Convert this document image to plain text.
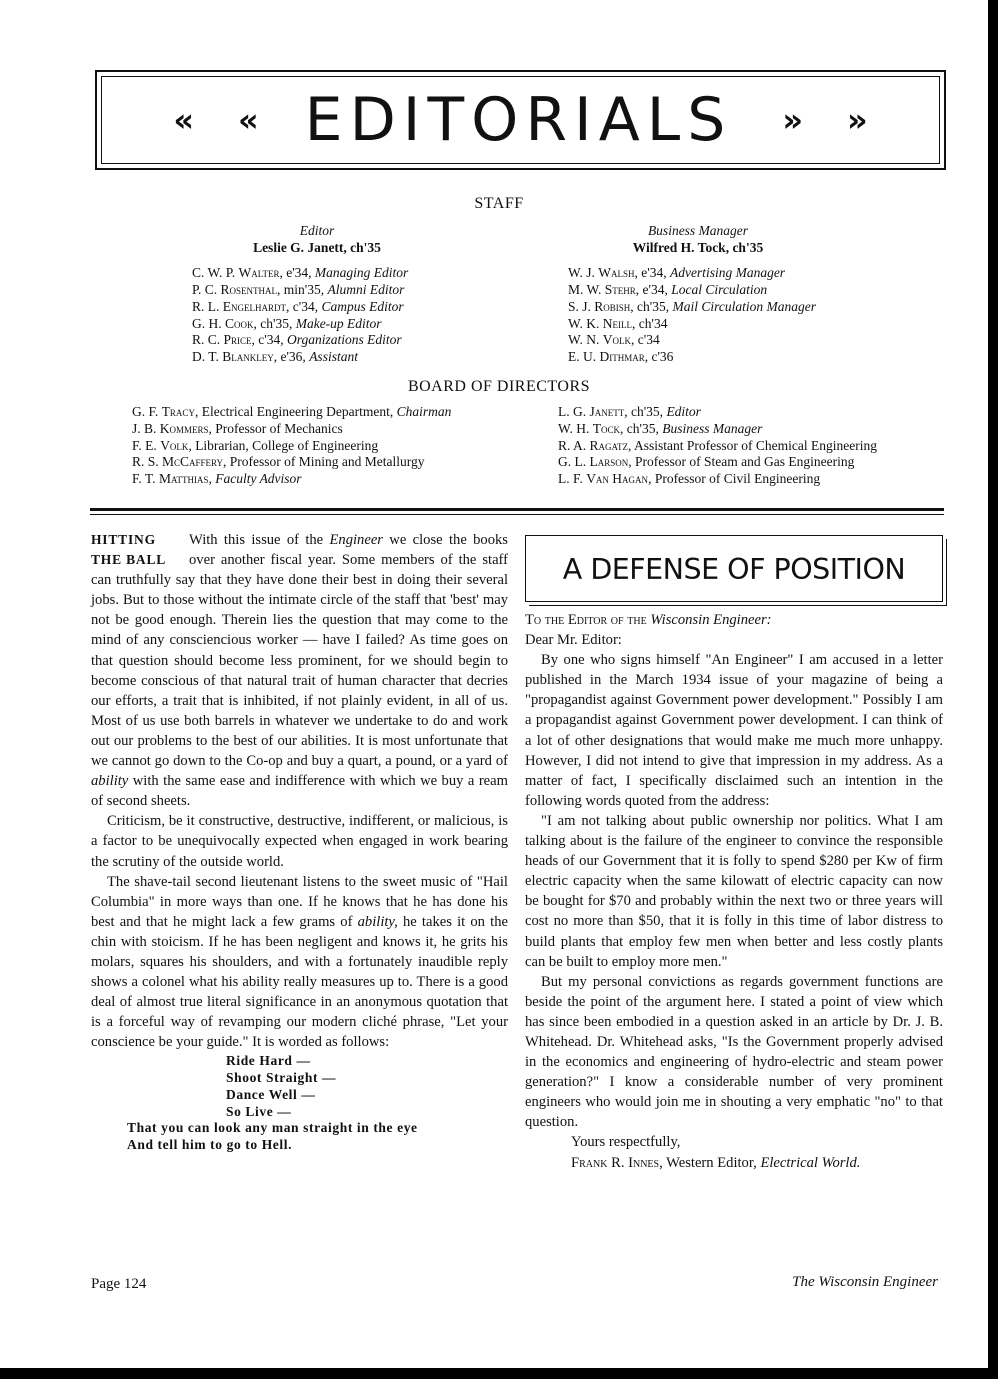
« « EDITORIALS » »
STAFF
Editor
Leslie G. Janett, ch'35
C. W. P. Walter, e'34, Managing Editor
P. C. Rosenthal, min'35, Alumni Editor
R. L. Engelhardt, c'34, Campus Editor
G. H. Cook, ch'35, Make-up Editor
R. C. Price, c'34, Organizations Editor
D. T. Blankley, e'36, Assistant
Business Manager
Wilfred H. Tock, ch'35
W. J. Walsh, e'34, Advertising Manager
M. W. Stehr, e'34, Local Circulation
S. J. Robish, ch'35, Mail Circulation Manager
W. K. Neill, ch'34
W. N. Volk, c'34
E. U. Dithmar, c'36
BOARD OF DIRECTORS
G. F. Tracy, Electrical Engineering Department, Chairman
J. B. Kommers, Professor of Mechanics
F. E. Volk, Librarian, College of Engineering
R. S. McCaffery, Professor of Mining and Metallurgy
F. T. Matthias, Faculty Advisor
L. G. Janett, ch'35, Editor
W. H. Tock, ch'35, Business Manager
R. A. Ragatz, Assistant Professor of Chemical Engineering
G. L. Larson, Professor of Steam and Gas Engineering
L. F. Van Hagan, Professor of Civil Engineering
HITTING
THE BALL

With this issue of the Engineer we close the books over another fiscal year. Some members of the staff can truthfully say that they have done their best in doing their several jobs. But to those without the intimate circle of the staff that 'best' may not be good enough. Therein lies the question that may come to the mind of any consciencious worker — have I failed? As time goes on that question should become less prominent, for we should begin to become conscious of that natural trait of human character that decries our efforts, a trait that is inhibited, if not plainly evident, in all of us. Most of us use both barrels in whatever we undertake to do and work out our problems to the best of our abilities. It is most unfortunate that we cannot go down to the Co-op and buy a quart, a pound, or a yard of ability with the same ease and indifference with which we buy a ream of second sheets.

Criticism, be it constructive, destructive, indifferent, or malicious, is a factor to be unequivocally expected when engaged in work bearing the scrutiny of the outside world.

The shave-tail second lieutenant listens to the sweet music of "Hail Columbia" in more ways than one. If he knows that he has done his best and that he might lack a few grams of ability, he takes it on the chin with stoicism. If he has been negligent and knows it, he grits his molars, squares his shoulders, and with a fortunately inaudible reply shows a colonel what his ability really measures up to. There is a good deal of almost true literal significance in an anonymous quotation that is a forceful way of revamping our modern cliché phrase, "Let your conscience be your guide." It is worded as follows:

Ride Hard —
Shoot Straight —
Dance Well —
So Live —
That you can look any man straight in the eye
And tell him to go to Hell.
A DEFENSE OF POSITION

To the Editor of the Wisconsin Engineer:

Dear Mr. Editor:

By one who signs himself "An Engineer" I am accused in a letter published in the March 1934 issue of your magazine of being a "propagandist against Government power development." Possibly I am a propagandist against Government power development. I can think of a lot of other designations that would make me much more unhappy. However, I did not intend to give that impression in my address. As a matter of fact, I specifically disclaimed such an intention in the following words quoted from the address:

"I am not talking about public ownership nor politics. What I am talking about is the failure of the engineer to convince the responsible heads of our Government that it is folly to spend $280 per Kw of firm electric capacity when the same kilowatt of electric capacity can now be bought for $70 and probably within the next two or three years will cost no more than $50, that it is folly in this time of labor distress to build plants that employ few men when better and less costly plants can be built to employ more men."

But my personal convictions as regards government functions are beside the point of the argument here. I stated a point of view which has since been embodied in a question asked in an article by Dr. J. B. Whitehead. Dr. Whitehead asks, "Is the Government properly advised in the economics and engineering of hydro-electric and steam power generation?" I know a considerable number of very prominent engineers who would join me in shouting a very emphatic "no" to that question.

Yours respectfully,
Frank R. Innes, Western Editor, Electrical World.
Page 124	The Wisconsin Engineer
